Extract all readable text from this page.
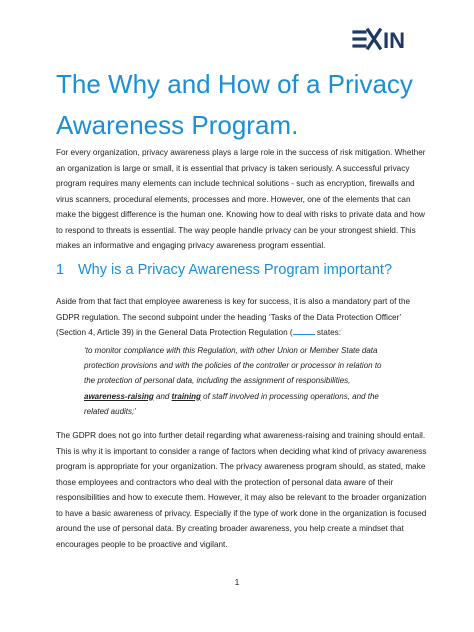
IN
The Why and How of a Privacy Awareness Program.

For every organization, privacy awareness plays a large role in the success of risk mitigation. Whether an organization is large or small, it is essential that privacy is taken seriously. A successful privacy program requires many elements can include technical solutions - such as encryption, firewalls and virus scanners, procedural elements, processes and more. However, one of the elements that can make the biggest difference is the human one. Knowing how to deal with risks to private data and how to respond to threats is essential. The way people handle privacy can be your strongest shield. This makes an informative and engaging privacy awareness program essential.

1 Why is a Privacy Awareness Program important?

Aside from that fact that employee awareness is key for success, it is also a mandatory part of the GDPR regulation. The second subpoint under the heading ‘Tasks of the Data Protection Officer’ (Section 4, Article 39) in the General Data Protection Regulation (	states:

‘to monitor compliance with this Regulation, with other Union or Member State data protection provisions and with the policies of the controller or processor in relation to the protection of personal data, including the assignment of responsibilities, awareness-raising and training of staff involved in processing operations, and the related audits;’

The GDPR does not go into further detail regarding what awareness-raising and training should entail. This is why it is important to consider a range of factors when deciding what kind of privacy awareness program is appropriate for your organization. The privacy awareness program should, as stated, make those employees and contractors who deal with the protection of personal data aware of their responsibilities and how to execute them. However, it may also be relevant to the broader organization to have a basic awareness of privacy. Especially if the type of work done in the organization is focused around the use of personal data. By creating broader awareness, you help create a mindset that encourages people to be proactive and vigilant.

1
